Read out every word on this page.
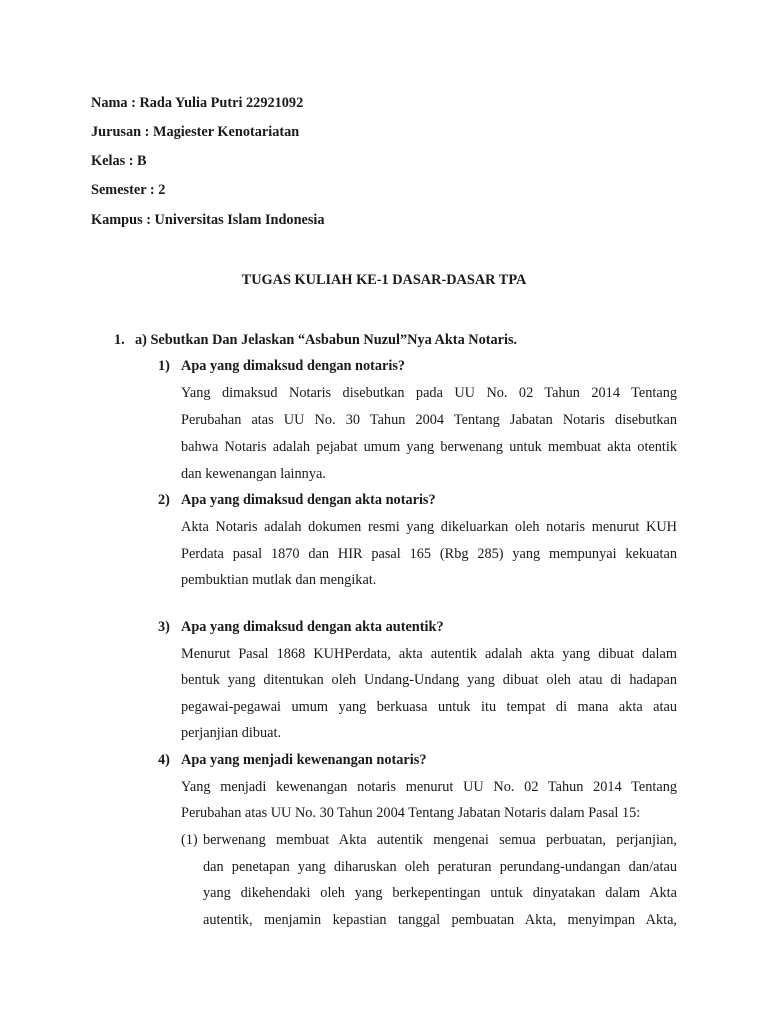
Nama : Rada Yulia Putri 22921092
Jurusan : Magiester Kenotariatan
Kelas : B
Semester : 2
Kampus : Universitas Islam Indonesia
TUGAS KULIAH KE-1 DASAR-DASAR TPA
1. a) Sebutkan Dan Jelaskan “Asbabun Nuzul”Nya Akta Notaris.
1) Apa yang dimaksud dengan notaris?
Yang dimaksud Notaris disebutkan pada UU No. 02 Tahun 2014 Tentang
Perubahan atas UU No. 30 Tahun 2004 Tentang Jabatan Notaris disebutkan
bahwa Notaris adalah pejabat umum yang berwenang untuk membuat akta otentik
dan kewenangan lainnya.
2) Apa yang dimaksud dengan akta notaris?
Akta Notaris adalah dokumen resmi yang dikeluarkan oleh notaris menurut KUH
Perdata pasal 1870 dan HIR pasal 165 (Rbg 285) yang mempunyai kekuatan
pembuktian mutlak dan mengikat.
3) Apa yang dimaksud dengan akta autentik?
Menurut Pasal 1868 KUHPerdata, akta autentik adalah akta yang dibuat dalam
bentuk yang ditentukan oleh Undang-Undang yang dibuat oleh atau di hadapan
pegawai-pegawai umum yang berkuasa untuk itu tempat di mana akta atau
perjanjian dibuat.
4) Apa yang menjadi kewenangan notaris?
Yang menjadi kewenangan notaris menurut UU No. 02 Tahun 2014 Tentang
Perubahan atas UU No. 30 Tahun 2004 Tentang Jabatan Notaris dalam Pasal 15:
(1) berwenang membuat Akta autentik mengenai semua perbuatan, perjanjian,
dan penetapan yang diharuskan oleh peraturan perundang-undangan dan/atau
yang dikehendaki oleh yang berkepentingan untuk dinyatakan dalam Akta
autentik, menjamin kepastian tanggal pembuatan Akta, menyimpan Akta,
